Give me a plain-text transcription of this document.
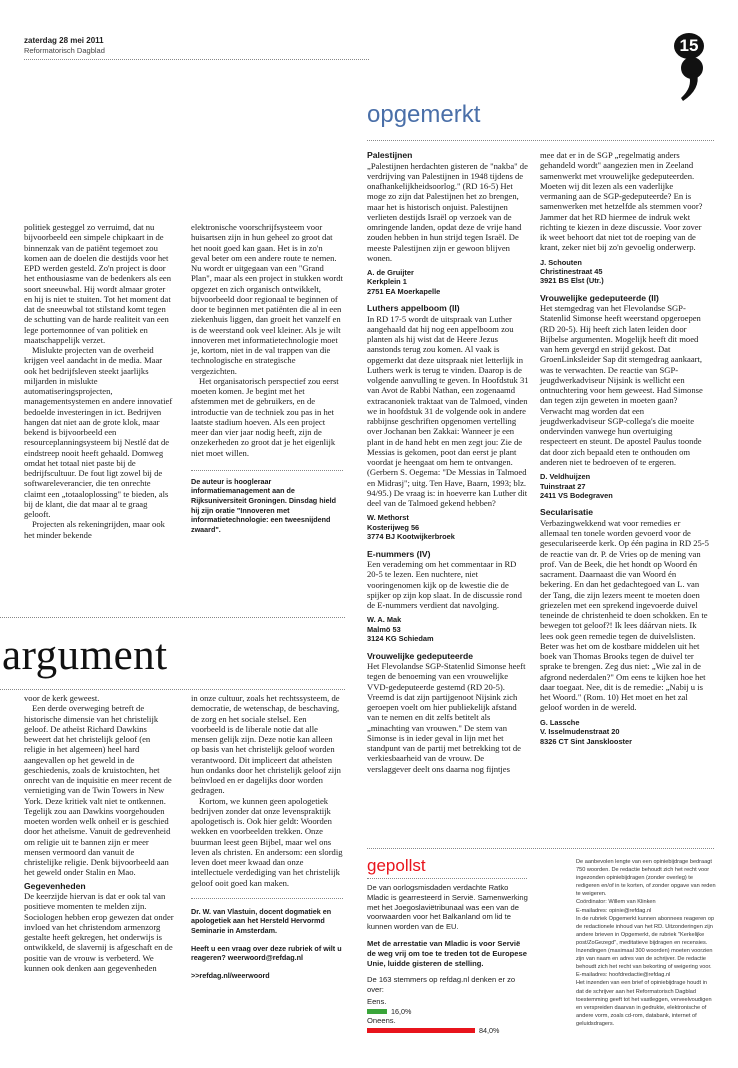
zaterdag 28 mei 2011
Reformatorisch Dagblad	15
opgemerkt

politiek gesteggel zo verruimd, dat nu bijvoorbeeld een simpele chipkaart in de binnenzak van de patiënt tegemoet zou komen aan de doelen die destijds voor het EPD werden gesteld. Zo'n project is door het enthousiasme van de bedenkers als een soort sneeuwbal. Hij wordt almaar groter en hij is niet te stuiten. Tot het moment dat dat de sneeuwbal tot stilstand komt tegen de schutting van de harde realiteit van een lege portemonnee of van politiek en maatschappelijk verzet.

Mislukte projecten van de overheid krijgen veel aandacht in de media. Maar ook het bedrijfsleven steekt jaarlijks miljarden in mislukte automatiseringsprojecten, managementsystemen en andere innovatief bedoelde investeringen in ict. Bedrijven hangen dat niet aan de grote klok, maar bekend is bijvoorbeeld een resourceplanningsysteem bij Nestlé dat de eindstreep nooit heeft gehaald. Domweg omdat het totaal niet paste bij de bedrijfscultuur. De fout ligt zowel bij de softwareleverancier, die ten onrechte claimt een „totaaloplossing" te bieden, als bij de klant, die dat maar al te graag gelooft.

Projecten als rekeningrijden, maar ook het minder bekende

elektronische voorschrijfsysteem voor huisartsen zijn in hun geheel zo groot dat het nooit goed kan gaan. Het is in zo'n geval beter om een andere route te nemen. Nu wordt er uitgegaan van een "Grand Plan", maar als een project in stukken wordt opgezet en zich organisch ontwikkelt, bijvoorbeeld door regionaal te beginnen of door te beginnen met patiënten die al in een ziekenhuis liggen, dan groeit het vanzelf en is de weerstand ook veel kleiner. Als je wilt innoveren met informatietechnologie moet je, kortom, niet in de val trappen van die technologische en strategische vergezichten.

Het organisatorisch perspectief zou eerst moeten komen. Je begint met het afstemmen met de gebruikers, en de introductie van de techniek zou pas in het laatste stadium hoeven. Als een project meer dan vier jaar nodig heeft, zijn de onzekerheden zo groot dat je het eigenlijk niet moet willen.

De auteur is hoogleraar informatiemanagement aan de Rijksuniversiteit Groningen. Dinsdag hield hij zijn oratie "Innoveren met informatietechnologie: een tweesnijdend zwaard".
argument

voor de kerk geweest.

Een derde overweging betreft de historische dimensie van het christelijk geloof. De atheïst Richard Dawkins beweert dat het christelijk geloof (en religie in het algemeen) heel hard aangevallen op het geweld in de geschiedenis, zoals de kruistochten, het onrecht van de inquisitie en meer recent de vernietiging van de Twin Towers in New York. Deze kritiek valt niet te ontkennen. Tegelijk zou aan Dawkins voorgehouden moeten worden welk onheil er is geschied door het atheïsme. Vanuit de gedrevenheid om religie uit te bannen zijn er meer mensen vermoord dan vanuit de christelijke religie. Denk bijvoorbeeld aan het geweld onder Stalin en Mao.

Gegevenheden

De keerzijde hiervan is dat er ook tal van positieve momenten te melden zijn. Sociologen hebben erop gewezen dat onder invloed van het christendom armenzorg gestalte heeft gekregen, het onderwijs is ontwikkeld, de slavernij is afgeschaft en de positie van de vrouw is verbeterd. We kunnen ook denken aan gegevenheden

in onze cultuur, zoals het rechtssysteem, de democratie, de wetenschap, de beschaving, de zorg en het sociale stelsel. Een voorbeeld is de liberale notie dat alle mensen gelijk zijn. Deze notie kan alleen op basis van het christelijk geloof worden verantwoord. Dit impliceert dat atheïsten hun ondanks door het christelijk geloof zijn beïnvloed en er dagelijks door worden gedragen.

Kortom, we kunnen geen apologetiek bedrijven zonder dat onze levenspraktijk apologetisch is. Ook hier geldt: Woorden wekken en voorbeelden trekken. Onze buurman leest geen Bijbel, maar wel ons leven als christen. En andersom: een slordig leven doet meer kwaad dan onze intellectuele verdediging van het christelijk geloof ooit goed kan maken.

Dr. W. van Vlastuin, docent dogmatiek en apologetiek aan het Hersteld Hervormd Seminarie in Amsterdam.
Heeft u een vraag over deze rubriek of wilt u reageren? weerwoord@refdag.nl
>>refdag.nl/weerwoord

Palestijnen

„Palestijnen herdachten gisteren de "nakba" de verdrijving van Palestijnen in 1948 tijdens de onafhankelijkheidsoorlog." (RD 16-5) Het moge zo zijn dat Palestijnen het zo brengen, maar het is historisch onjuist. Palestijnen verlieten destijds Israël op verzoek van de omringende landen, opdat deze de vrije hand zouden hebben in hun strijd tegen Israël. De meeste Palestijnen zijn er gewoon blijven wonen.

A. de Gruijter
Kerkplein 1
2751 EA Moerkapelle

Luthers appelboom (II)

In RD 17-5 wordt de uitspraak van Luther aangehaald dat hij nog een appelboom zou planten als hij wist dat de Heere Jezus aanstonds terug zou komen. Al vaak is opgemerkt dat deze uitspraak niet letterlijk in Luthers werk is terug te vinden. Daarop is de volgende aanvulling te geven. In Hoofdstuk 31 van Avot de Rabbi Nathan, een zogenaamd extracanoniek traktaat van de Talmoed, vinden we in hoofdstuk 31 de volgende ook in andere rabbijnse geschriften opgenomen vertelling over Jochanan ben Zakkai: Wanneer je een plant in de hand hebt en men zegt jou: Zie de Messias is gekomen, poot dan eerst je plant voordat je heengaat om hem te ontvangen. (Gerbern S. Oegema: "De Messias in Talmoed en Midrasj"; uitg. Ten Have, Baarn, 1993; blz. 94/95.) De vraag is: in hoeverre kan Luther dit deel van de Talmoed gekend hebben?

W. Methorst
Kosterijweg 56
3774 BJ Kootwijkerbroek

E-nummers (IV)

Een verademing om het commentaar in RD 20-5 te lezen. Een nuchtere, niet vooringenomen kijk op de kwestie die de spijker op zijn kop slaat. In de discussie rond de E-nummers verdient dat navolging.

W. A. Mak
Malmö 53
3124 KG Schiedam

Vrouwelijke gedeputeerde

Het Flevolandse SGP-Statenlid Simonse heeft tegen de benoeming van een vrouwelijke VVD-gedeputeerde gestemd (RD 20-5). Vreemd is dat zijn partijgenoot Nijsink zich geroepen voelt om hier publiekelijk afstand van te nemen en dit zelfs betitelt als „minachting van vrouwen." De stem van Simonse is in ieder geval in lijn met het standpunt van de partij met betrekking tot de verkiesbaarheid van de vrouw. De verslaggever deelt ons daarna nog fijntjes

mee dat er in de SGP „regelmatig anders gehandeld wordt" aangezien men in Zeeland samenwerkt met vrouwelijke gedeputeerden. Moeten wij dit lezen als een vaderlijke vermaning aan de SGP-gedeputeerde? En is samenwerken met hetzelfde als stemmen voor? Jammer dat het RD hiermee de indruk wekt richting te kiezen in deze discussie. Voor zover ik weet behoort dat niet tot de roeping van de krant, zeker niet bij zo'n gevoelig onderwerp.

J. Schouten
Christinestraat 45
3921 BS Elst (Utr.)

Vrouwelijke gedeputeerde (II)

Het stemgedrag van het Flevolandse SGP-Statenlid Simonse heeft weerstand opgeroepen (RD 20-5). Hij heeft zich laten leiden door Bijbelse argumenten. Mogelijk heeft dit moed van hem gevergd en strijd gekost. Dat GroenLinksleider Sap dit stemgedrag aankaart, was te verwachten. De reactie van SGP-jeugdwerkadviseur Nijsink is wellicht een ontnuchtering voor hem geweest. Had Simonse dan tegen zijn geweten in moeten gaan? Verwacht mag worden dat een jeugdwerkadviseur SGP-collega's die moeite ondervinden vanwege hun overtuiging respecteert en steunt. De apostel Paulus toonde dat door zich bepaald eten te onthouden om anderen niet te bedroeven of te ergeren.

D. Veldhuijzen
Tuinstraat 27
2411 VS Bodegraven

Secularisatie

Verbazingwekkend wat voor remedies er allemaal ten tonele worden gevoerd voor de geseculariseerde kerk. Op één pagina in RD 25-5 de reactie van dr. P. de Vries op de mening van prof. Van de Beek, die het hondt op Woord én sacrament. Daarnaast die van Woord én bekering. En dan het gedachtegoed van L. van der Tang, die zijn lezers meent te moeten doen griezelen met een sprekend ingevoerde duivel teneinde de christenheid te doen schokken. En te bewegen tot geloof?! Ik lees dáárvan niets. Ik lees ook geen remedie tegen de duivelslisten. Beter was het om de kostbare middelen uit het boek van Thomas Brooks tegen de duivel ter sprake te brengen. Zeg dus niet: „Wie zal in de afgrond nederdalen?" Om eens te kijken hoe het daar toegaat. Nee, dit is de remedie: „Nabij u is het Woord." (Rom. 10) Het moet en het zal geloof worden in de wereld.

G. Lassche
V. Isselmudenstraat 20
8326 CT Sint Jansklooster

gepollst
De van oorlogsmisdaden verdachte Ratko Mladic is gearresteerd in Servië. Samenwerking met het Joegoslaviëtribunaal was een van de voorwaarden voor het Balkanland om lid te kunnen worden van de EU.
Met de arrestatie van Mladic is voor Servië de weg vrij om toe te treden tot de Europese Unie, luidde gisteren de stelling.
De 163 stemmers op refdag.nl denken er zo over:
Eens.
16,0%
Oneens.
84,0%
De aanbevolen lengte van een opiniebijdrage bedraagt 750 woorden. De redactie behoudt zich het recht voor ingezonden opiniebijdragen (zonder overleg) te redigeren en/of in te korten, of zonder opgave van reden te weigeren.
Coördinator: Willem van Klinken
E-mailadres: opinie@refdag.nl
In de rubriek Opgemerkt kunnen abonnees reageren op de redactionele inhoud van het RD. Uitzonderingen zijn andere brieven in Opgemerkt, de rubriek "Kerkelijke post/ZoGezegd", meditatieve bijdragen en recensies. Inzendingen (maximaal 300 woorden) moeten voorzien zijn van naam en adres van de schrijver. De redactie behoudt zich het recht van bekorting of weigering voor.
E-mailadres: hoofdredactie@refdag.nl
Het inzenden van een brief of opiniebijdrage houdt in dat de schrijver aan het Reformatorisch Dagblad toestemming geeft tot het vastleggen, verveelvoudigen en verspreiden daarvan in gedrukte, elektronische of andere vorm, zoals cd-rom, databank, internet of geluidsdragers.
